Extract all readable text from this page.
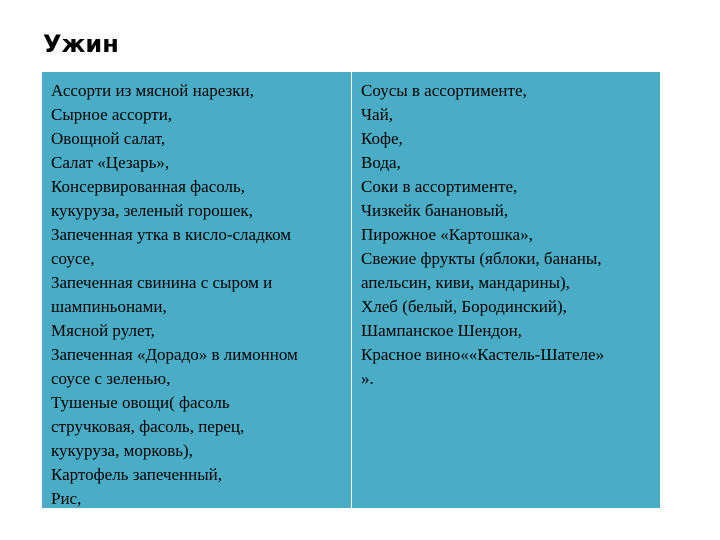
Ужин
Ассорти из мясной нарезки,
Сырное ассорти,
Овощной салат,
Салат «Цезарь»,
Консервированная фасоль,
кукуруза, зеленый горошек,
Запеченная утка в кисло-сладком
соусе,
Запеченная свинина с сыром и
шампиньонами,
Мясной рулет,
Запеченная «Дорадо» в лимонном
соусе с зеленью,
Тушеные овощи( фасоль
стручковая, фасоль, перец,
кукуруза, морковь),
Картофель запеченный,
Рис,
Соусы в ассортименте,
Чай,
Кофе,
Вода,
Соки в ассортименте,
Чизкейк банановый,
Пирожное «Картошка»,
Свежие фрукты (яблоки, бананы,
апельсин, киви, мандарины),
Хлеб (белый, Бородинский),
Шампанское Шендон,
Красное вино««Кастель-Шателе»
».
